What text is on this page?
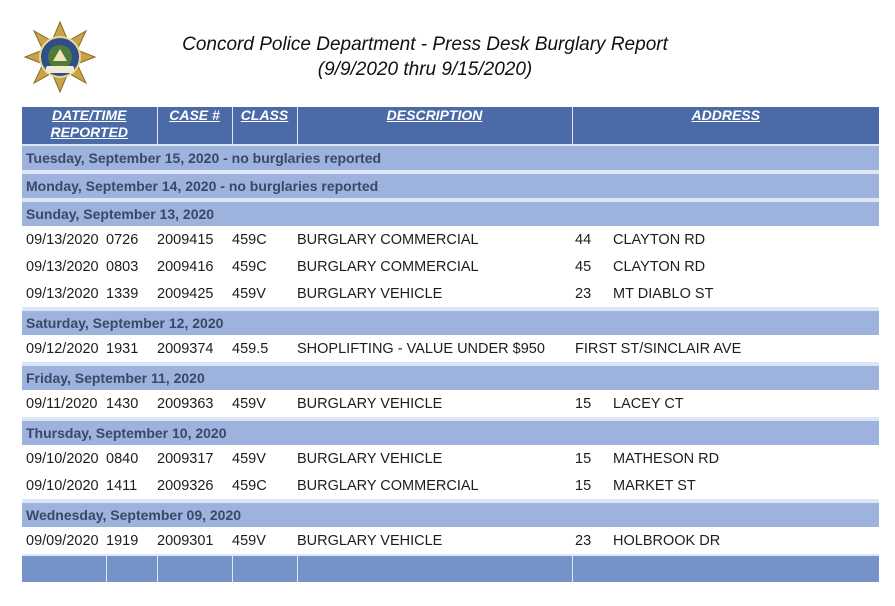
Concord Police Department - Press Desk Burglary Report
(9/9/2020 thru 9/15/2020)
DATE/TIME
REPORTED		CASE #	CLASS	DESCRIPTION	ADDRESS
Tuesday, September 15, 2020 - no burglaries reported					
Monday, September 14, 2020 - no burglaries reported					
Sunday, September 13, 2020					
09/13/2020	0726	2009415	459C	BURGLARY COMMERCIAL	44 CLAYTON RD
09/13/2020	0803	2009416	459C	BURGLARY COMMERCIAL	45 CLAYTON RD
09/13/2020	1339	2009425	459V	BURGLARY VEHICLE	23 MT DIABLO ST
Saturday, September 12, 2020					
09/12/2020	1931	2009374	459.5	SHOPLIFTING - VALUE UNDER $950	FIRST ST/SINCLAIR AVE
Friday, September 11, 2020					
09/11/2020	1430	2009363	459V	BURGLARY VEHICLE	15 LACEY CT
Thursday, September 10, 2020					
09/10/2020	0840	2009317	459V	BURGLARY VEHICLE	15 MATHESON RD
09/10/2020	1411	2009326	459C	BURGLARY COMMERCIAL	15 MARKET ST
Wednesday, September 09, 2020					
09/09/2020	1919	2009301	459V	BURGLARY VEHICLE	23 HOLBROOK DR
